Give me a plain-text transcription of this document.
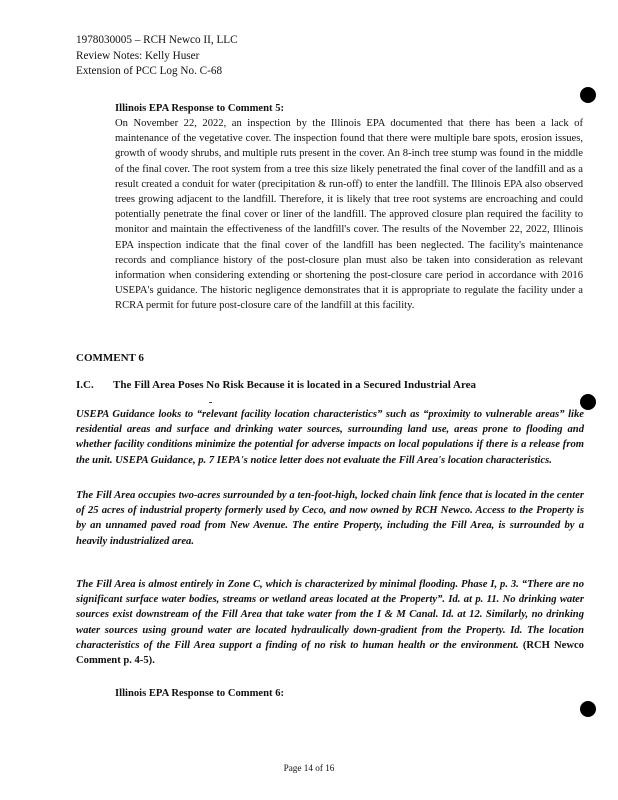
1978030005 – RCH Newco II, LLC
Review Notes: Kelly Huser
Extension of PCC Log No. C-68
Illinois EPA Response to Comment 5:
On November 22, 2022, an inspection by the Illinois EPA documented that there has been a lack of maintenance of the vegetative cover. The inspection found that there were multiple bare spots, erosion issues, growth of woody shrubs, and multiple ruts present in the cover. An 8-inch tree stump was found in the middle of the final cover. The root system from a tree this size likely penetrated the final cover of the landfill and as a result created a conduit for water (precipitation & run-off) to enter the landfill. The Illinois EPA also observed trees growing adjacent to the landfill. Therefore, it is likely that tree root systems are encroaching and could potentially penetrate the final cover or liner of the landfill. The approved closure plan required the facility to monitor and maintain the effectiveness of the landfill's cover. The results of the November 22, 2022, Illinois EPA inspection indicate that the final cover of the landfill has been neglected. The facility's maintenance records and compliance history of the post-closure plan must also be taken into consideration as relevant information when considering extending or shortening the post-closure care period in accordance with 2016 USEPA's guidance. The historic negligence demonstrates that it is appropriate to regulate the facility under a RCRA permit for future post-closure care of the landfill at this facility.
COMMENT 6
I.C. The Fill Area Poses No Risk Because it is located in a Secured Industrial Area
USEPA Guidance looks to “relevant facility location characteristics” such as “proximity to vulnerable areas” like residential areas and surface and drinking water sources, surrounding land use, areas prone to flooding and whether facility conditions minimize the potential for adverse impacts on local populations if there is a release from the unit. USEPA Guidance, p. 7 IEPA's notice letter does not evaluate the Fill Area's location characteristics.
The Fill Area occupies two-acres surrounded by a ten-foot-high, locked chain link fence that is located in the center of 25 acres of industrial property formerly used by Ceco, and now owned by RCH Newco. Access to the Property is by an unnamed paved road from New Avenue. The entire Property, including the Fill Area, is surrounded by a heavily industrialized area.
The Fill Area is almost entirely in Zone C, which is characterized by minimal flooding. Phase I, p. 3. “There are no significant surface water bodies, streams or wetland areas located at the Property”. Id. at p. 11. No drinking water sources exist downstream of the Fill Area that take water from the I & M Canal. Id. at 12. Similarly, no drinking water sources using ground water are located hydraulically down-gradient from the Property. Id. The location characteristics of the Fill Area support a finding of no risk to human health or the environment. (RCH Newco Comment p. 4-5).
Illinois EPA Response to Comment 6:
Page 14 of 16
